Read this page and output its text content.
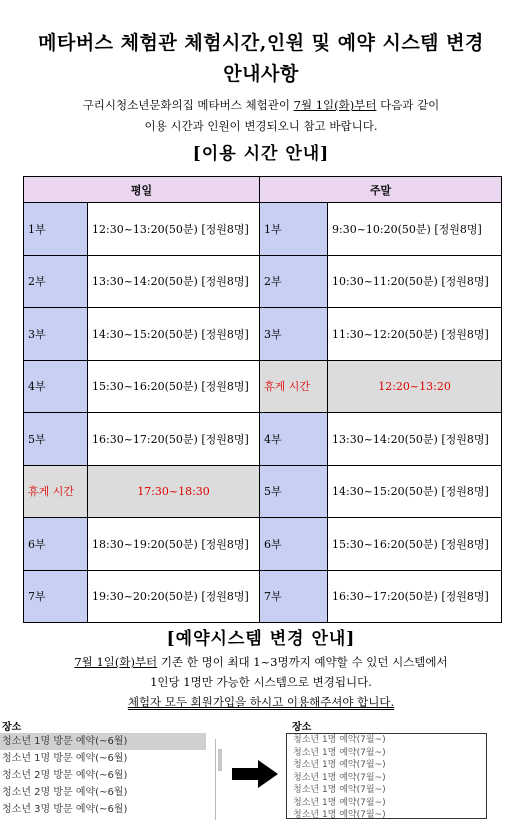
메타버스 체험관 체험시간,인원 및 예약 시스템 변경
안내사항
구리시청소년문화의집 메타버스 체험관이 7월 1일(화)부터 다음과 같이
이용 시간과 인원이 변경되오니 참고 바랍니다.
[이용 시간 안내]
평일		주말	
1부	12:30~13:20(50분) [정원8명]	1부	9:30~10:20(50분) [정원8명]
2부	13:30~14:20(50분) [정원8명]	2부	10:30~11:20(50분) [정원8명]
3부	14:30~15:20(50분) [정원8명]	3부	11:30~12:20(50분) [정원8명]
4부	15:30~16:20(50분) [정원8명]	휴게 시간	12:20~13:20
5부	16:30~17:20(50분) [정원8명]	4부	13:30~14:20(50분) [정원8명]
휴게 시간	17:30~18:30	5부	14:30~15:20(50분) [정원8명]
6부	18:30~19:20(50분) [정원8명]	6부	15:30~16:20(50분) [정원8명]
7부	19:30~20:20(50분) [정원8명]	7부	16:30~17:20(50분) [정원8명]
[예약시스템 변경 안내]
7월 1일(화)부터 기존 한 명이 최대 1~3명까지 예약할 수 있던 시스템에서
1인당 1명만 가능한 시스템으로 변경됩니다.
체험자 모두 회원가입을 하시고 이용해주셔야 합니다.
장소
청소년 1명 방문 예약(~6월)
청소년 1명 방문 예약(~6월)
청소년 2명 방문 예약(~6월)
청소년 2명 방문 예약(~6월)
청소년 3명 방문 예약(~6월)
장소
청소년 1명 예약(7월~)
청소년 1명 예약(7월~)
청소년 1명 예약(7월~)
청소년 1명 예약(7월~)
청소년 1명 예약(7월~)
청소년 1명 예약(7월~)
청소년 1명 예약(7월~)
